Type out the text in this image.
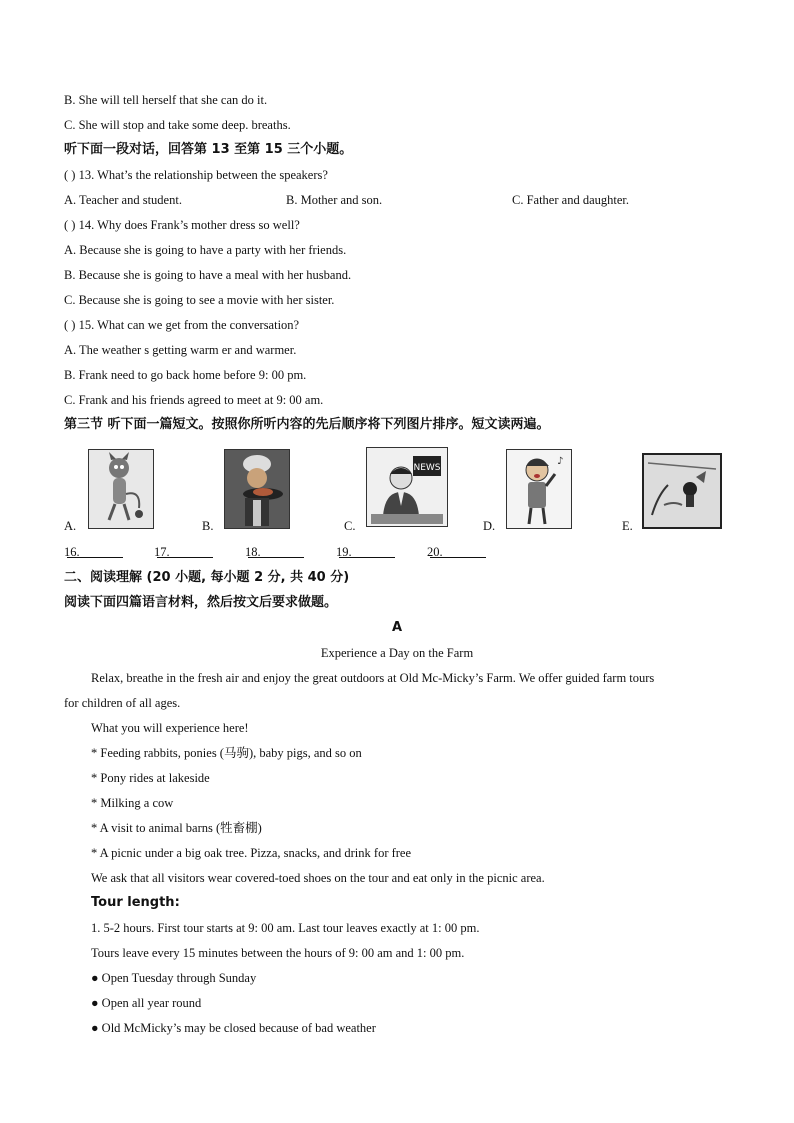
B. She will tell herself that she can do it.
C. She will stop and take some deep. breaths.
听下面一段对话，回答第 13 至第 15 三个小题。
( ) 13. What’s the relationship between the speakers?
A. Teacher and student.	B. Mother and son.	C. Father and daughter.
( ) 14. Why does Frank’s mother dress so well?
A. Because she is going to have a party with her friends.
B. Because she is going to have a meal with her husband.
C. Because she is going to see a movie with her sister.
( ) 15. What can we get from the conversation?
A. The weather s getting warm er and warmer.
B. Frank need to go back home before 9: 00 pm.
C. Frank and his friends agreed to meet at 9: 00 am.
第三节 听下面一篇短文。按照你所听内容的先后顺序将下列图片排序。短文读两遍。
A.	B.	C.
NEWS
D.
♪
E.
16.	17.	18.	19.	20.
二、阅读理解 (20 小题, 每小题 2 分, 共 40 分)
阅读下面四篇语言材料，然后按文后要求做题。
A
Experience a Day on the Farm
Relax, breathe in the fresh air and enjoy the great outdoors at Old Mc-Micky’s Farm. We offer guided farm tours
for children of all ages.
What you will experience here!
* Feeding rabbits, ponies (马驹), baby pigs, and so on
* Pony rides at lakeside
* Milking a cow
* A visit to animal barns (牲畜棚)
* A picnic under a big oak tree. Pizza, snacks, and drink for free
We ask that all visitors wear covered-toed shoes on the tour and eat only in the picnic area.
Tour length:
1. 5-2 hours. First tour starts at 9: 00 am. Last tour leaves exactly at 1: 00 pm.
Tours leave every 15 minutes between the hours of 9: 00 am and 1: 00 pm.
● Open Tuesday through Sunday
● Open all year round
● Old McMicky’s may be closed because of bad weather
